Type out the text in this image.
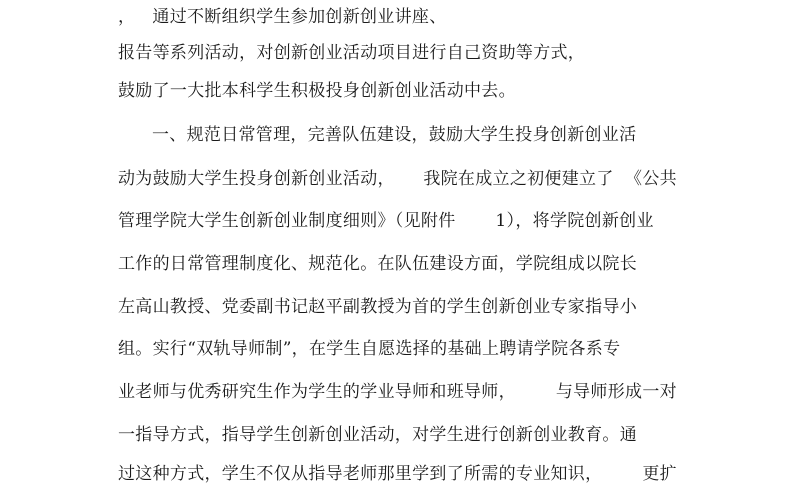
，   通过不断组织学生参加创新创业讲座、
报告等系列活动，对创新创业活动项目进行自己资助等方式，
鼓励了一大批本科学生积极投身创新创业活动中去。
一、规范日常管理，完善队伍建设，鼓励大学生投身创新创业活
动为鼓励大学生投身创新创业活动，     我院在成立之初便建立了  《公共
管理学院大学生创新创业制度细则》（见附件       1），将学院创新创业
工作的日常管理制度化、规范化。在队伍建设方面，学院组成以院长
左高山教授、党委副书记赵平副教授为首的学生创新创业专家指导小
组。实行“双轨导师制”，在学生自愿选择的基础上聘请学院各系专
业老师与优秀研究生作为学生的学业导师和班导师，       与导师形成一对
一指导方式，指导学生创新创业活动，对学生进行创新创业教育。通
过这种方式，学生不仅从指导老师那里学到了所需的专业知识，       更扩
